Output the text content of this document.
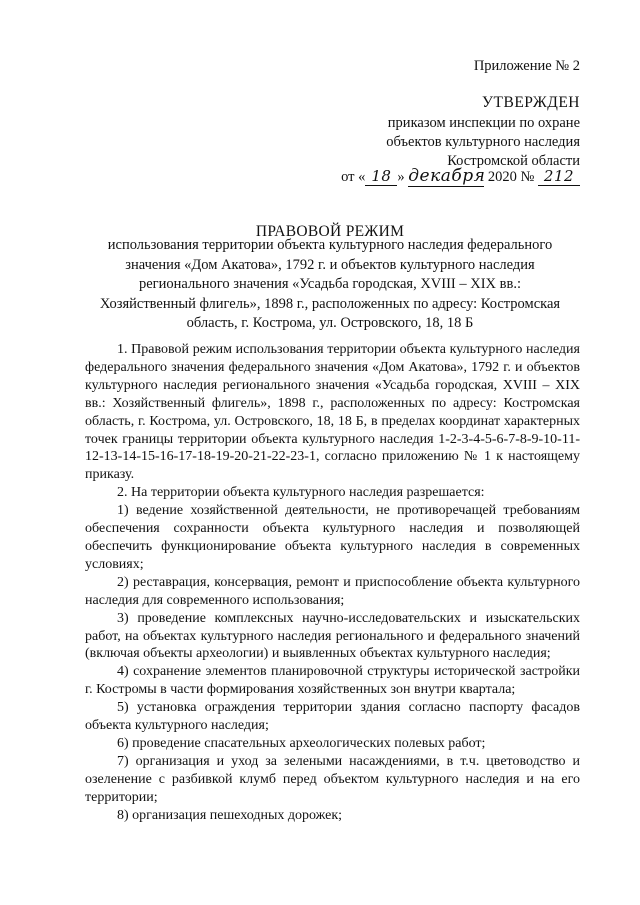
Приложение № 2
УТВЕРЖДЕН
приказом инспекции по охране
объектов культурного наследия
Костромской области
от « 18 » декабря 2020 № 212
ПРАВОВОЙ РЕЖИМ
использования территории объекта культурного наследия федерального
значения «Дом Акатова», 1792 г. и объектов культурного наследия
регионального значения «Усадьба городская, XVIII – XIX вв.:
Хозяйственный флигель», 1898 г., расположенных по адресу: Костромская
область, г. Кострома, ул. Островского, 18, 18 Б

1. Правовой режим использования территории объекта культурного наследия федерального значения федерального значения «Дом Акатова», 1792 г. и объектов культурного наследия регионального значения «Усадьба городская, XVIII – XIX вв.: Хозяйственный флигель», 1898 г., расположенных по адресу: Костромская область, г. Кострома, ул. Островского, 18, 18 Б, в пределах координат характерных точек границы территории объекта культурного наследия 1-2-3-4-5-6-7-8-9-10-11-12-13-14-15-16-17-18-19-20-21-22-23-1, согласно приложению № 1 к настоящему приказу.

2. На территории объекта культурного наследия разрешается:

1) ведение хозяйственной деятельности, не противоречащей требованиям обеспечения сохранности объекта культурного наследия и позволяющей обеспечить функционирование объекта культурного наследия в современных условиях;

2) реставрация, консервация, ремонт и приспособление объекта культурного наследия для современного использования;

3) проведение комплексных научно-исследовательских и изыскательских работ, на объектах культурного наследия регионального и федерального значений (включая объекты археологии) и выявленных объектах культурного наследия;

4) сохранение элементов планировочной структуры исторической застройки г. Костромы в части формирования хозяйственных зон внутри квартала;

5) установка ограждения территории здания согласно паспорту фасадов объекта культурного наследия;

6) проведение спасательных археологических полевых работ;

7) организация и уход за зелеными насаждениями, в т.ч. цветоводство и озеленение с разбивкой клумб перед объектом культурного наследия и на его территории;

8) организация пешеходных дорожек;
